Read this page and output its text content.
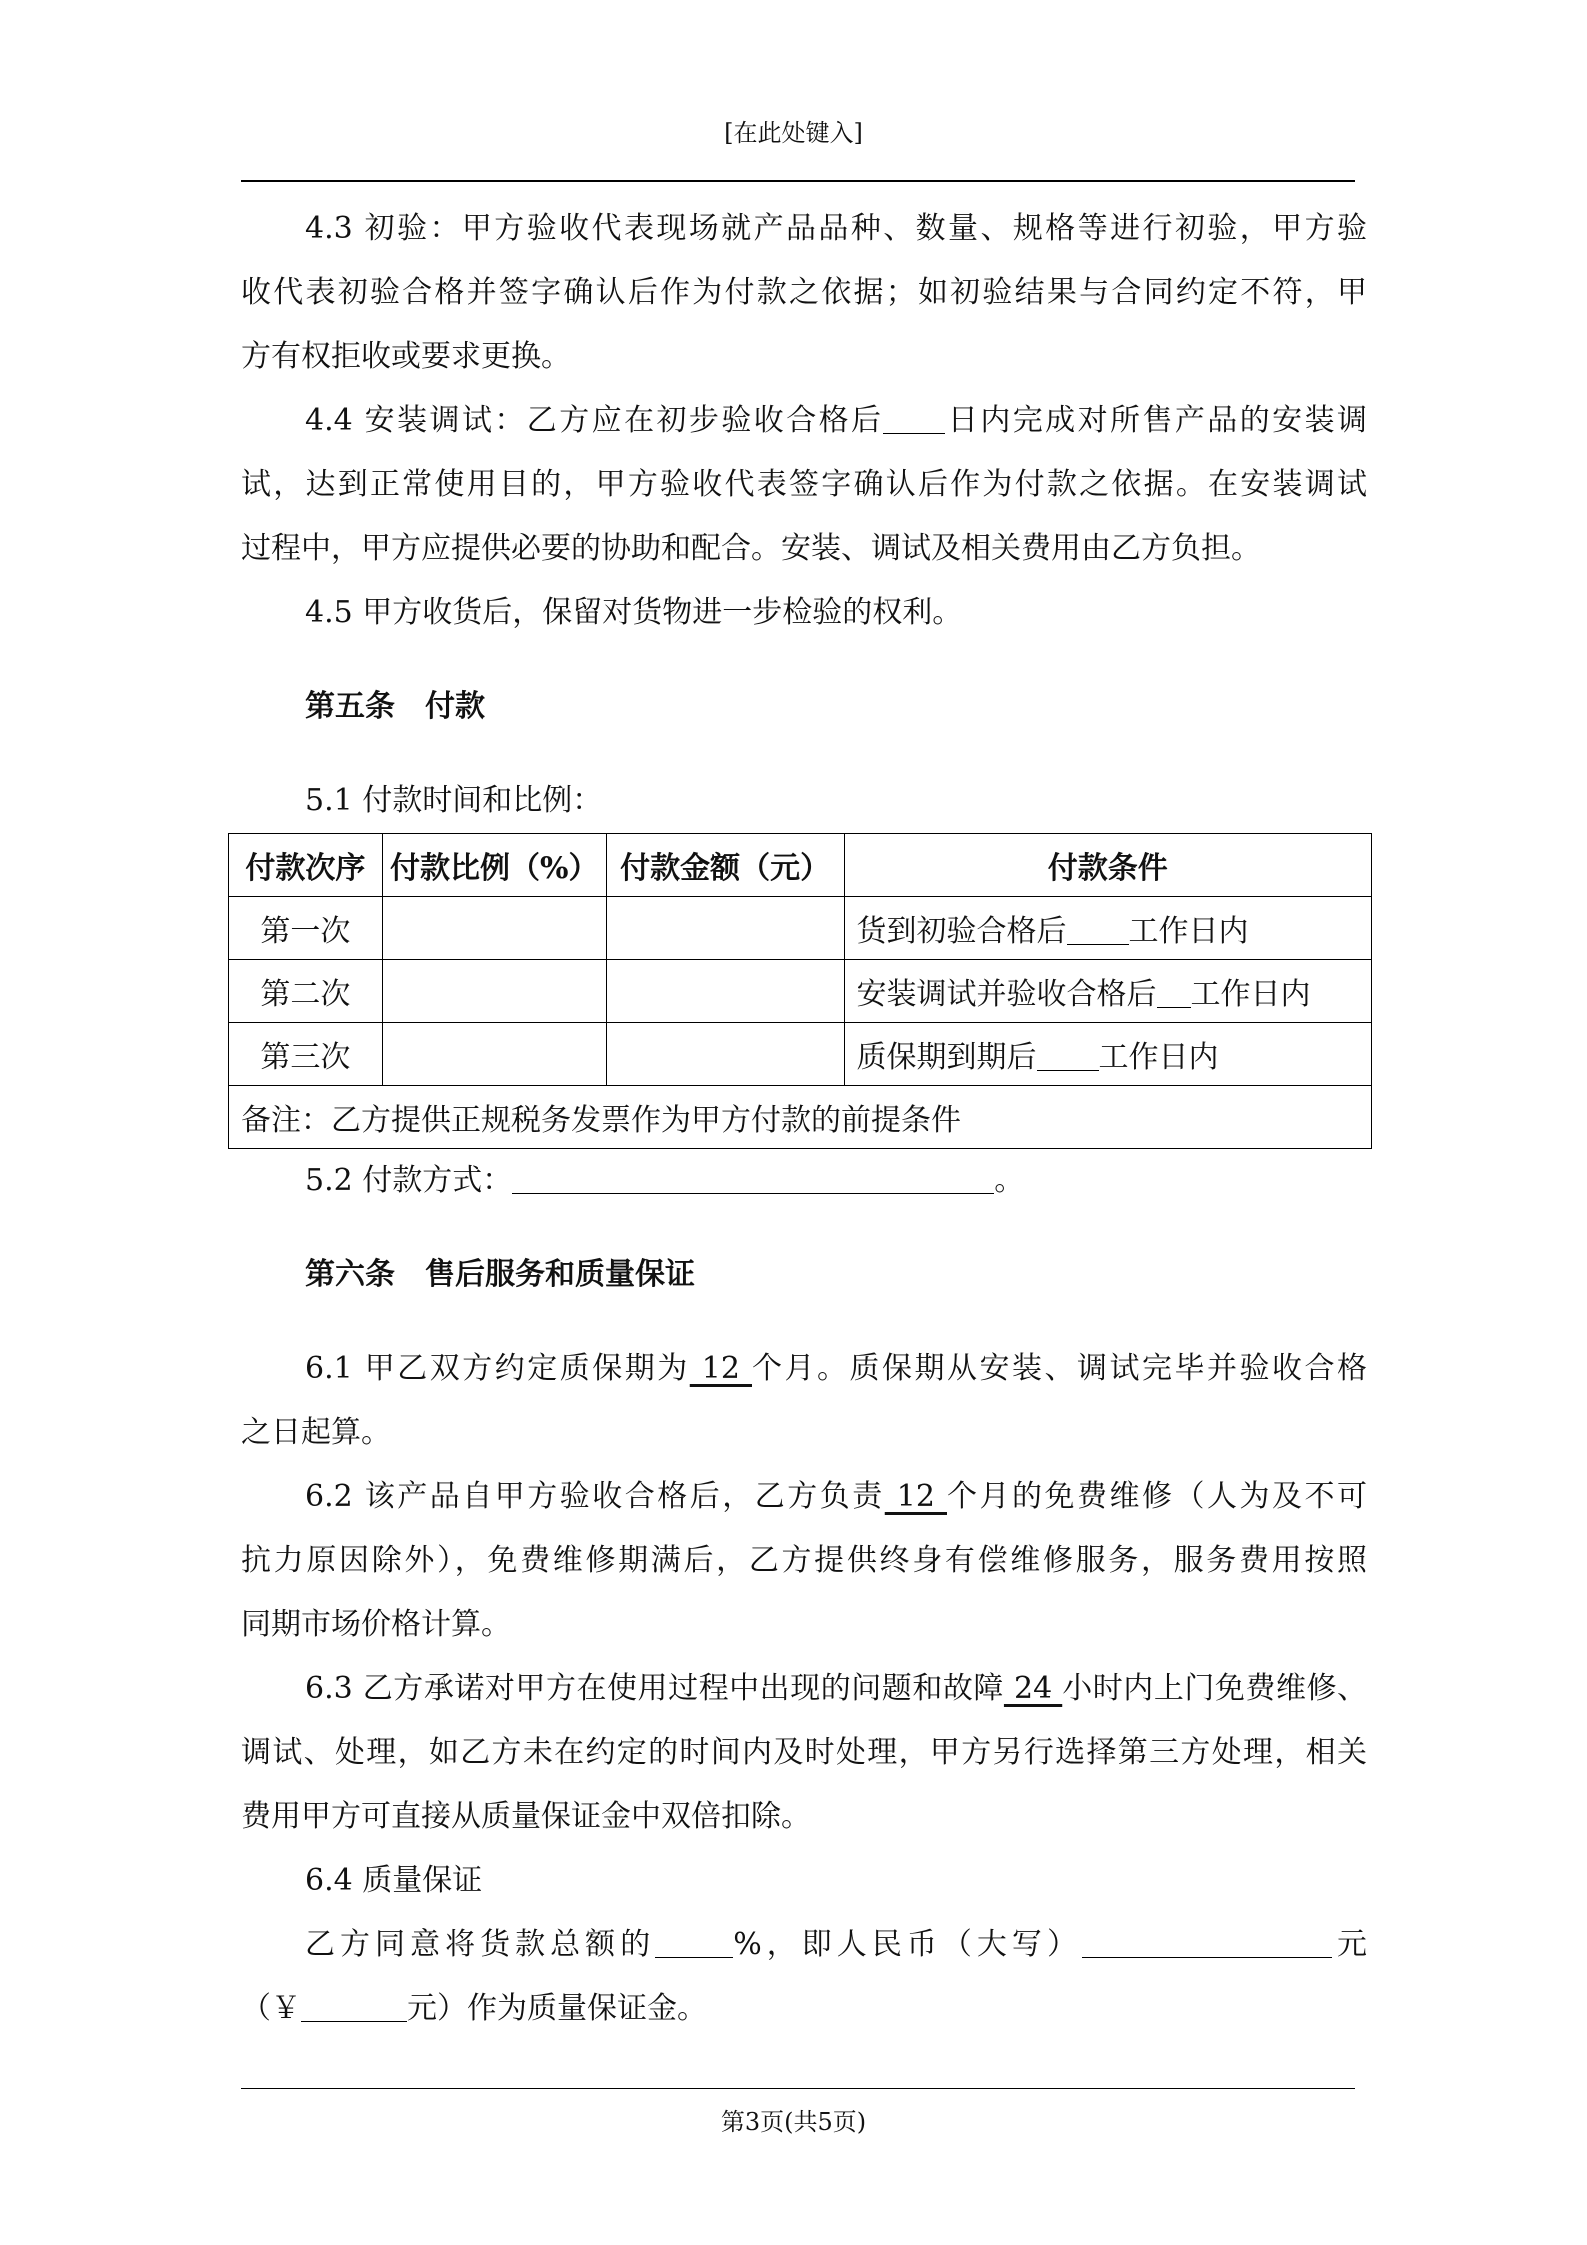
[在此处键入]

4.3 初验：甲方验收代表现场就产品品种、数量、规格等进行初验，甲方验

收代表初验合格并签字确认后作为付款之依据；如初验结果与合同约定不符，甲

方有权拒收或要求更换。

4.4 安装调试：乙方应在初步验收合格后 日内完成对所售产品的安装调

试，达到正常使用目的，甲方验收代表签字确认后作为付款之依据。在安装调试

过程中，甲方应提供必要的协助和配合。安装、调试及相关费用由乙方负担。

4.5 甲方收货后，保留对货物进一步检验的权利。

第五条　付款

5.1 付款时间和比例：

付款次序	付款比例（%）	付款金额（元）	付款条件
第一次			货到初验合格后 工作日内
第二次			安装调试并验收合格后 工作日内
第三次			质保期到期后 工作日内
备注：乙方提供正规税务发票作为甲方付款的前提条件			

5.2 付款方式：	。

第六条　售后服务和质量保证

6.1 甲乙双方约定质保期为 12 个月。质保期从安装、调试完毕并验收合格

之日起算。

6.2 该产品自甲方验收合格后，乙方负责 12 个月的免费维修（人为及不可

抗力原因除外），免费维修期满后，乙方提供终身有偿维修服务，服务费用按照

同期市场价格计算。

6.3 乙方承诺对甲方在使用过程中出现的问题和故障 24 小时内上门免费维修、

调试、处理，如乙方未在约定的时间内及时处理，甲方另行选择第三方处理，相关

费用甲方可直接从质量保证金中双倍扣除。

6.4 质量保证

乙方同意将货款总额的	%，即人民币（大写）	元

（￥	元）作为质量保证金。

第3页(共5页)
